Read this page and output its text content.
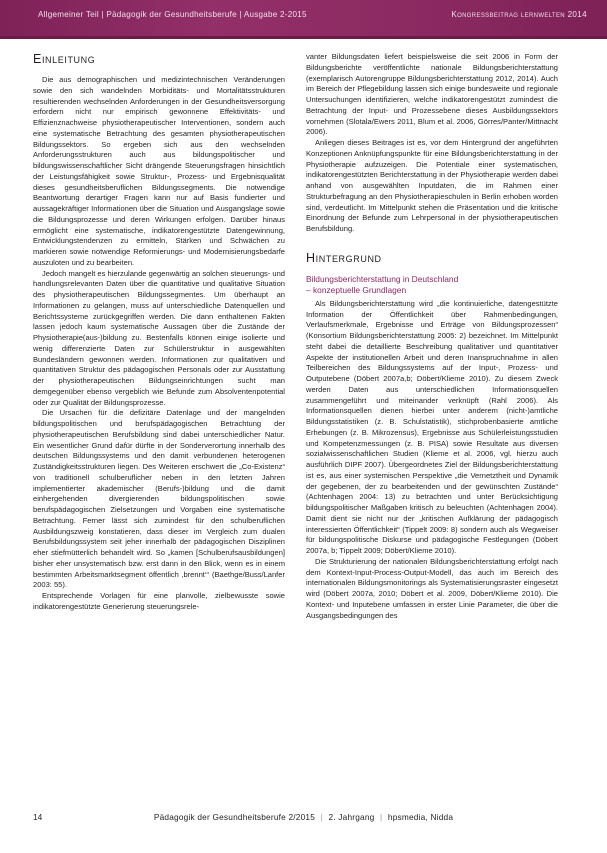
Allgemeiner Teil | Pädagogik der Gesundheitsberufe | Ausgabe 2-2015	kongressbeitrag lernwelten 2014
Einleitung

Die aus demographischen und medizintechnischen Veränderungen sowie den sich wandelnden Morbiditäts- und Mortalitätsstrukturen resultierenden wechselnden Anforderungen in der Gesundheitsversorgung erfordern nicht nur empirisch gewonnene Effektivitäts- und Effizienznachweise physiotherapeutischer Interventionen, sondern auch eine systematische Betrachtung des gesamten physiotherapeutischen Bildungssektors. So ergeben sich aus den wechselnden Anforderungsstrukturen auch aus bildungspolitischer und bildungswissenschaftlicher Sicht drängende Steuerungsfragen hinsichtlich der Leistungsfähigkeit sowie Struktur-, Prozess- und Ergebnisqualität dieses gesundheitsberuflichen Bildungssegments. Die notwendige Beantwortung derartiger Fragen kann nur auf Basis fundierter und aussagekräftiger Informationen über die Situation und Ausgangslage sowie die Bildungsprozesse und deren Wirkungen erfolgen. Darüber hinaus ermöglicht eine systematische, indikatorengestützte Datengewinnung, Entwicklungstendenzen zu ermitteln, Stärken und Schwächen zu markieren sowie notwendige Reformierungs- und Modernisierungsbedarfe auszuloten und zu bearbeiten.

Jedoch mangelt es hierzulande gegenwärtig an solchen steuerungs- und handlungsrelevanten Daten über die quantitative und qualitative Situation des physiotherapeutischen Bildungssegmentes. Um überhaupt an Informationen zu gelangen, muss auf unterschiedliche Datenquellen und Berichtssysteme zurückgegriffen werden. Die dann enthaltenen Fakten lassen jedoch kaum systematische Aussagen über die Zustände der Physiotherapie(aus-)bildung zu. Bestenfalls können einige isolierte und wenig differenzierte Daten zur Schülerstruktur in ausgewählten Bundesländern gewonnen werden. Informationen zur qualitativen und quantitativen Struktur des pädagogischen Personals oder zur Ausstattung der physiotherapeutischen Bildungseinrichtungen sucht man demgegenüber ebenso vergeblich wie Befunde zum Absolventenpotential oder zur Qualität der Bildungsprozesse.

Die Ursachen für die defizitäre Datenlage und der mangelnden bildungspolitischen und berufspädagogischen Betrachtung der physiotherapeutischen Berufsbildung sind dabei unterschiedlicher Natur. Ein wesentlicher Grund dafür dürfte in der Sonderverortung innerhalb des deutschen Bildungssystems und den damit verbundenen heterogenen Zuständigkeitsstrukturen liegen. Des Weiteren erschwert die „Co-Existenz“ von traditionell schulberuflicher neben in den letzten Jahren implementierter akademischer (Berufs-)bildung und die damit einhergehenden divergierenden bildungspolitischen sowie berufspädagogischen Zielsetzungen und Vorgaben eine systematische Betrachtung. Ferner lässt sich zumindest für den schulberuflichen Ausbildungszweig konstatieren, dass dieser im Vergleich zum dualen Berufsbildungssystem seit jeher innerhalb der pädagogischen Disziplinen eher stiefmütterlich behandelt wird. So „kamen [Schulberufsausbildungen] bisher eher unsystematisch bzw. erst dann in den Blick, wenn es in einem bestimmten Arbeitsmarktsegment öffentlich ‚brennt‘“ (Baethge/Buss/Lanfer 2003: 55).

Entsprechende Vorlagen für eine planvolle, zielbewusste sowie indikatorengestützte Generierung steuerungsrele-

vanter Bildungsdaten liefert beispielsweise die seit 2006 in Form der Bildungsberichte veröffentlichte nationale Bildungsberichterstattung (exemplarisch Autorengruppe Bildungsberichterstattung 2012, 2014). Auch im Bereich der Pflegebildung lassen sich einige bundesweite und regionale Untersuchungen identifizieren, welche indikatorengestützt zumindest die Betrachtung der Input- und Prozessebene dieses Ausbildungssektors vornehmen (Slotala/Ewers 2011, Blum et al. 2006, Görres/Panter/Mittnacht 2006).

Anliegen dieses Beitrages ist es, vor dem Hintergrund der angeführten Konzeptionen Anknüpfungspunkte für eine Bildungsberichterstattung in der Physiotherapie aufzuzeigen. Die Potentiale einer systematischen, indikatorengestützten Berichterstattung in der Physiotherapie werden dabei anhand von ausgewählten Inputdaten, die im Rahmen einer Strukturbefragung an den Physiotherapieschulen in Berlin erhoben worden sind, verdeutlicht. Im Mittelpunkt stehen die Präsentation und die kritische Einordnung der Befunde zum Lehrpersonal in der physiotherapeutischen Berufsbildung.

Hintergrund
Bildungsberichterstattung in Deutschland
– konzeptuelle Grundlagen

Als Bildungsberichterstattung wird „die kontinuierliche, datengestützte Information der Öffentlichkeit über Rahmenbedingungen, Verlaufsmerkmale, Ergebnisse und Erträge von Bildungsprozessen“ (Konsortium Bildungsberichterstattung 2005: 2) bezeichnet. Im Mittelpunkt steht dabei die detaillierte Beschreibung qualitativer und quantitativer Aspekte der institutionellen Arbeit und deren Inanspruchnahme in allen Teilbereichen des Bildungssystems auf der Input-, Prozess- und Outputebene (Döbert 2007a,b; Döbert/Klieme 2010). Zu diesem Zweck werden Daten aus unterschiedlichen Informationsquellen zusammengeführt und miteinander verknüpft (Rahl 2006). Als Informationsquellen dienen hierbei unter anderem (nicht-)amtliche Bildungsstatistiken (z. B. Schulstatistik), stichprobenbasierte amtliche Erhebungen (z. B. Mikrozensus), Ergebnisse aus Schülerleistungsstudien und Kompetenzmessungen (z. B. PISA) sowie Resultate aus diversen sozialwissenschaftlichen Studien (Klieme et al. 2006, vgl. hierzu auch ausführlich DIPF 2007). Übergeordnetes Ziel der Bildungsberichterstattung ist es, aus einer systemischen Perspektive „die Vernetztheit und Dynamik der gegebenen, der zu bearbeitenden und der gewünschten Zustände“ (Achtenhagen 2004: 13) zu betrachten und unter Berücksichtigung bildungspolitischer Maßgaben kritisch zu beleuchten (Achtenhagen 2004). Damit dient sie nicht nur der „kritischen Aufklärung der pädagogisch interessierten Öffentlichkeit“ (Tippelt 2009: 8) sondern auch als Wegweiser für bildungspolitische Diskurse und pädagogische Festlegungen (Döbert 2007a, b; Tippelt 2009; Döbert/Klieme 2010).

Die Strukturierung der nationalen Bildungsberichterstattung erfolgt nach dem Kontext-Input-Process-Output-Modell, das auch im Bereich des internationalen Bildungsmonitorings als Systematisierungsraster eingesetzt wird (Döbert 2007a, 2010; Döbert et al. 2009, Döbert/Klieme 2010). Die Kontext- und Inputebene umfassen in erster Linie Parameter, die über die Ausgangsbedingungen des

14	Pädagogik der Gesundheitsberufe 2/2015 | 2. Jahrgang | hpsmedia, Nidda
